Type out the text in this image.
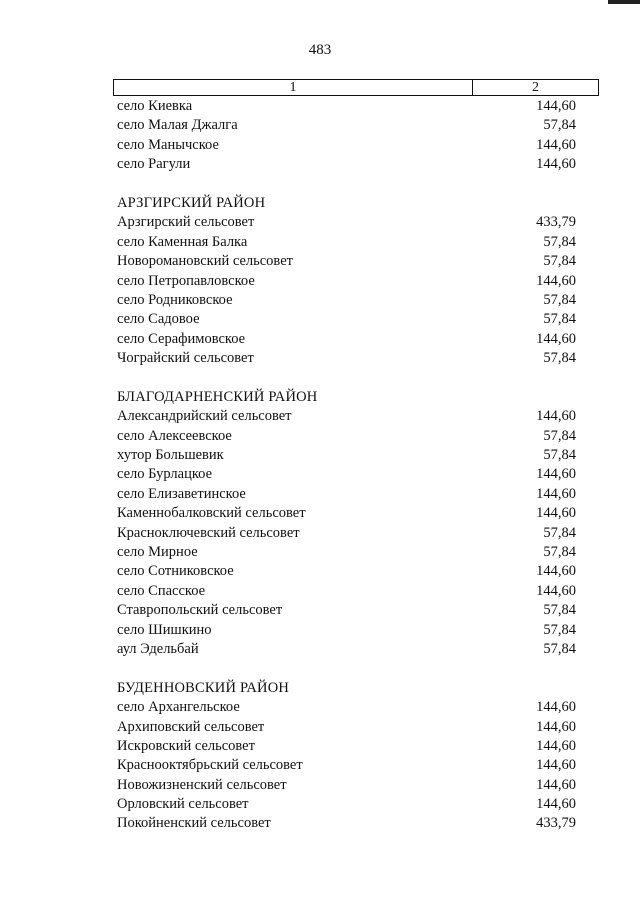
483
1	2
село Киевка	144,60
село Малая Джалга	57,84
село Манычское	144,60
село Рагули	144,60
АРЗГИРСКИЙ РАЙОН
Арзгирский сельсовет	433,79
село Каменная Балка	57,84
Новоромановский сельсовет	57,84
село Петропавловское	144,60
село Родниковское	57,84
село Садовое	57,84
село Серафимовское	144,60
Чограйский сельсовет	57,84
БЛАГОДАРНЕНСКИЙ РАЙОН
Александрийский сельсовет	144,60
село Алексеевское	57,84
хутор Большевик	57,84
село Бурлацкое	144,60
село Елизаветинское	144,60
Каменнобалковский сельсовет	144,60
Красноключевский сельсовет	57,84
село Мирное	57,84
село Сотниковское	144,60
село Спасское	144,60
Ставропольский сельсовет	57,84
село Шишкино	57,84
аул Эдельбай	57,84
БУДЕННОВСКИЙ РАЙОН
село Архангельское	144,60
Архиповский сельсовет	144,60
Искровский сельсовет	144,60
Краснооктябрьский сельсовет	144,60
Новожизненский сельсовет	144,60
Орловский сельсовет	144,60
Покойненский сельсовет	433,79
